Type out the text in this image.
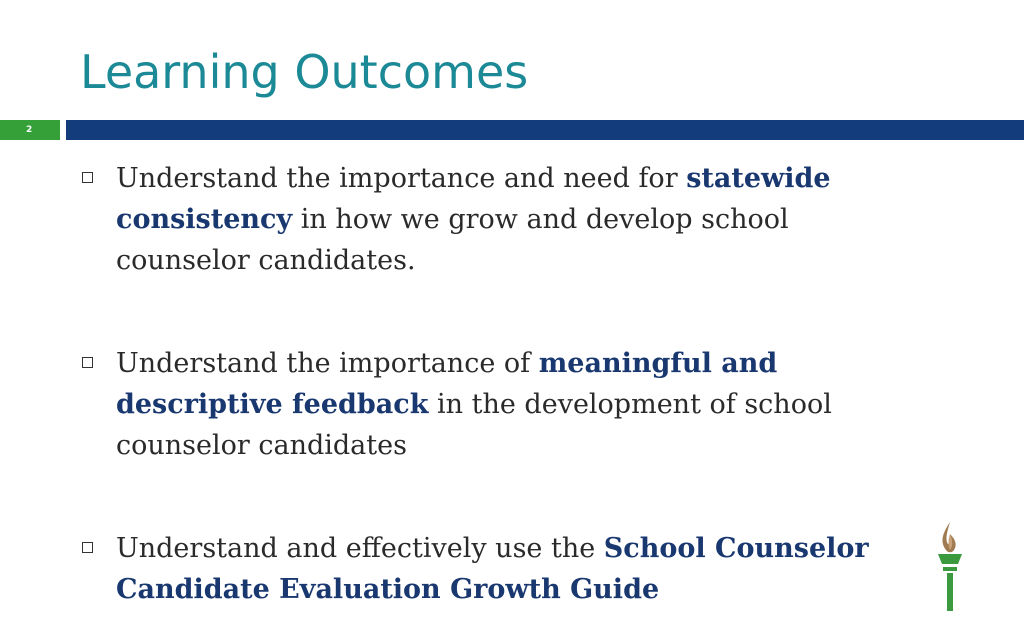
Learning Outcomes
2
Understand the importance and need for statewide consistency in how we grow and develop school counselor candidates.
Understand the importance of meaningful and descriptive feedback in the development of school counselor candidates
Understand and effectively use the School Counselor Candidate Evaluation Growth Guide
